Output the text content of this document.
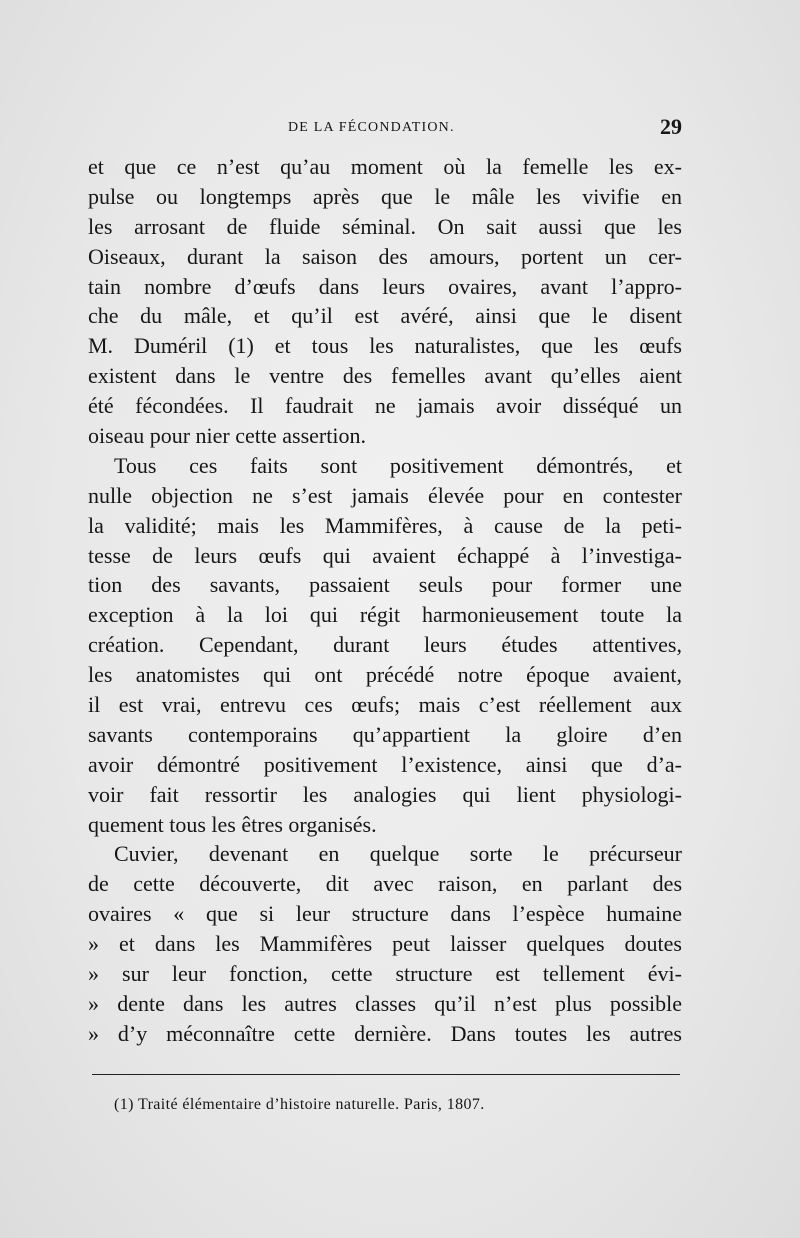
DE LA FÉCONDATION.	29
et que ce n’est qu’au moment où la femelle les ex-
pulse ou longtemps après que le mâle les vivifie en
les arrosant de fluide séminal. On sait aussi que les
Oiseaux, durant la saison des amours, portent un cer-
tain nombre d’œufs dans leurs ovaires, avant l’appro-
che du mâle, et qu’il est avéré, ainsi que le disent
M. Duméril (1) et tous les naturalistes, que les œufs
existent dans le ventre des femelles avant qu’elles aient
été fécondées. Il faudrait ne jamais avoir disséqué un
oiseau pour nier cette assertion.
Tous ces faits sont positivement démontrés, et
nulle objection ne s’est jamais élevée pour en contester
la validité; mais les Mammifères, à cause de la peti-
tesse de leurs œufs qui avaient échappé à l’investiga-
tion des savants, passaient seuls pour former une
exception à la loi qui régit harmonieusement toute la
création. Cependant, durant leurs études attentives,
les anatomistes qui ont précédé notre époque avaient,
il est vrai, entrevu ces œufs; mais c’est réellement aux
savants contemporains qu’appartient la gloire d’en
avoir démontré positivement l’existence, ainsi que d’a-
voir fait ressortir les analogies qui lient physiologi-
quement tous les êtres organisés.
Cuvier, devenant en quelque sorte le précurseur
de cette découverte, dit avec raison, en parlant des
ovaires « que si leur structure dans l’espèce humaine
» et dans les Mammifères peut laisser quelques doutes
» sur leur fonction, cette structure est tellement évi-
» dente dans les autres classes qu’il n’est plus possible
» d’y méconnaître cette dernière. Dans toutes les autres
(1) Traité élémentaire d’histoire naturelle. Paris, 1807.
